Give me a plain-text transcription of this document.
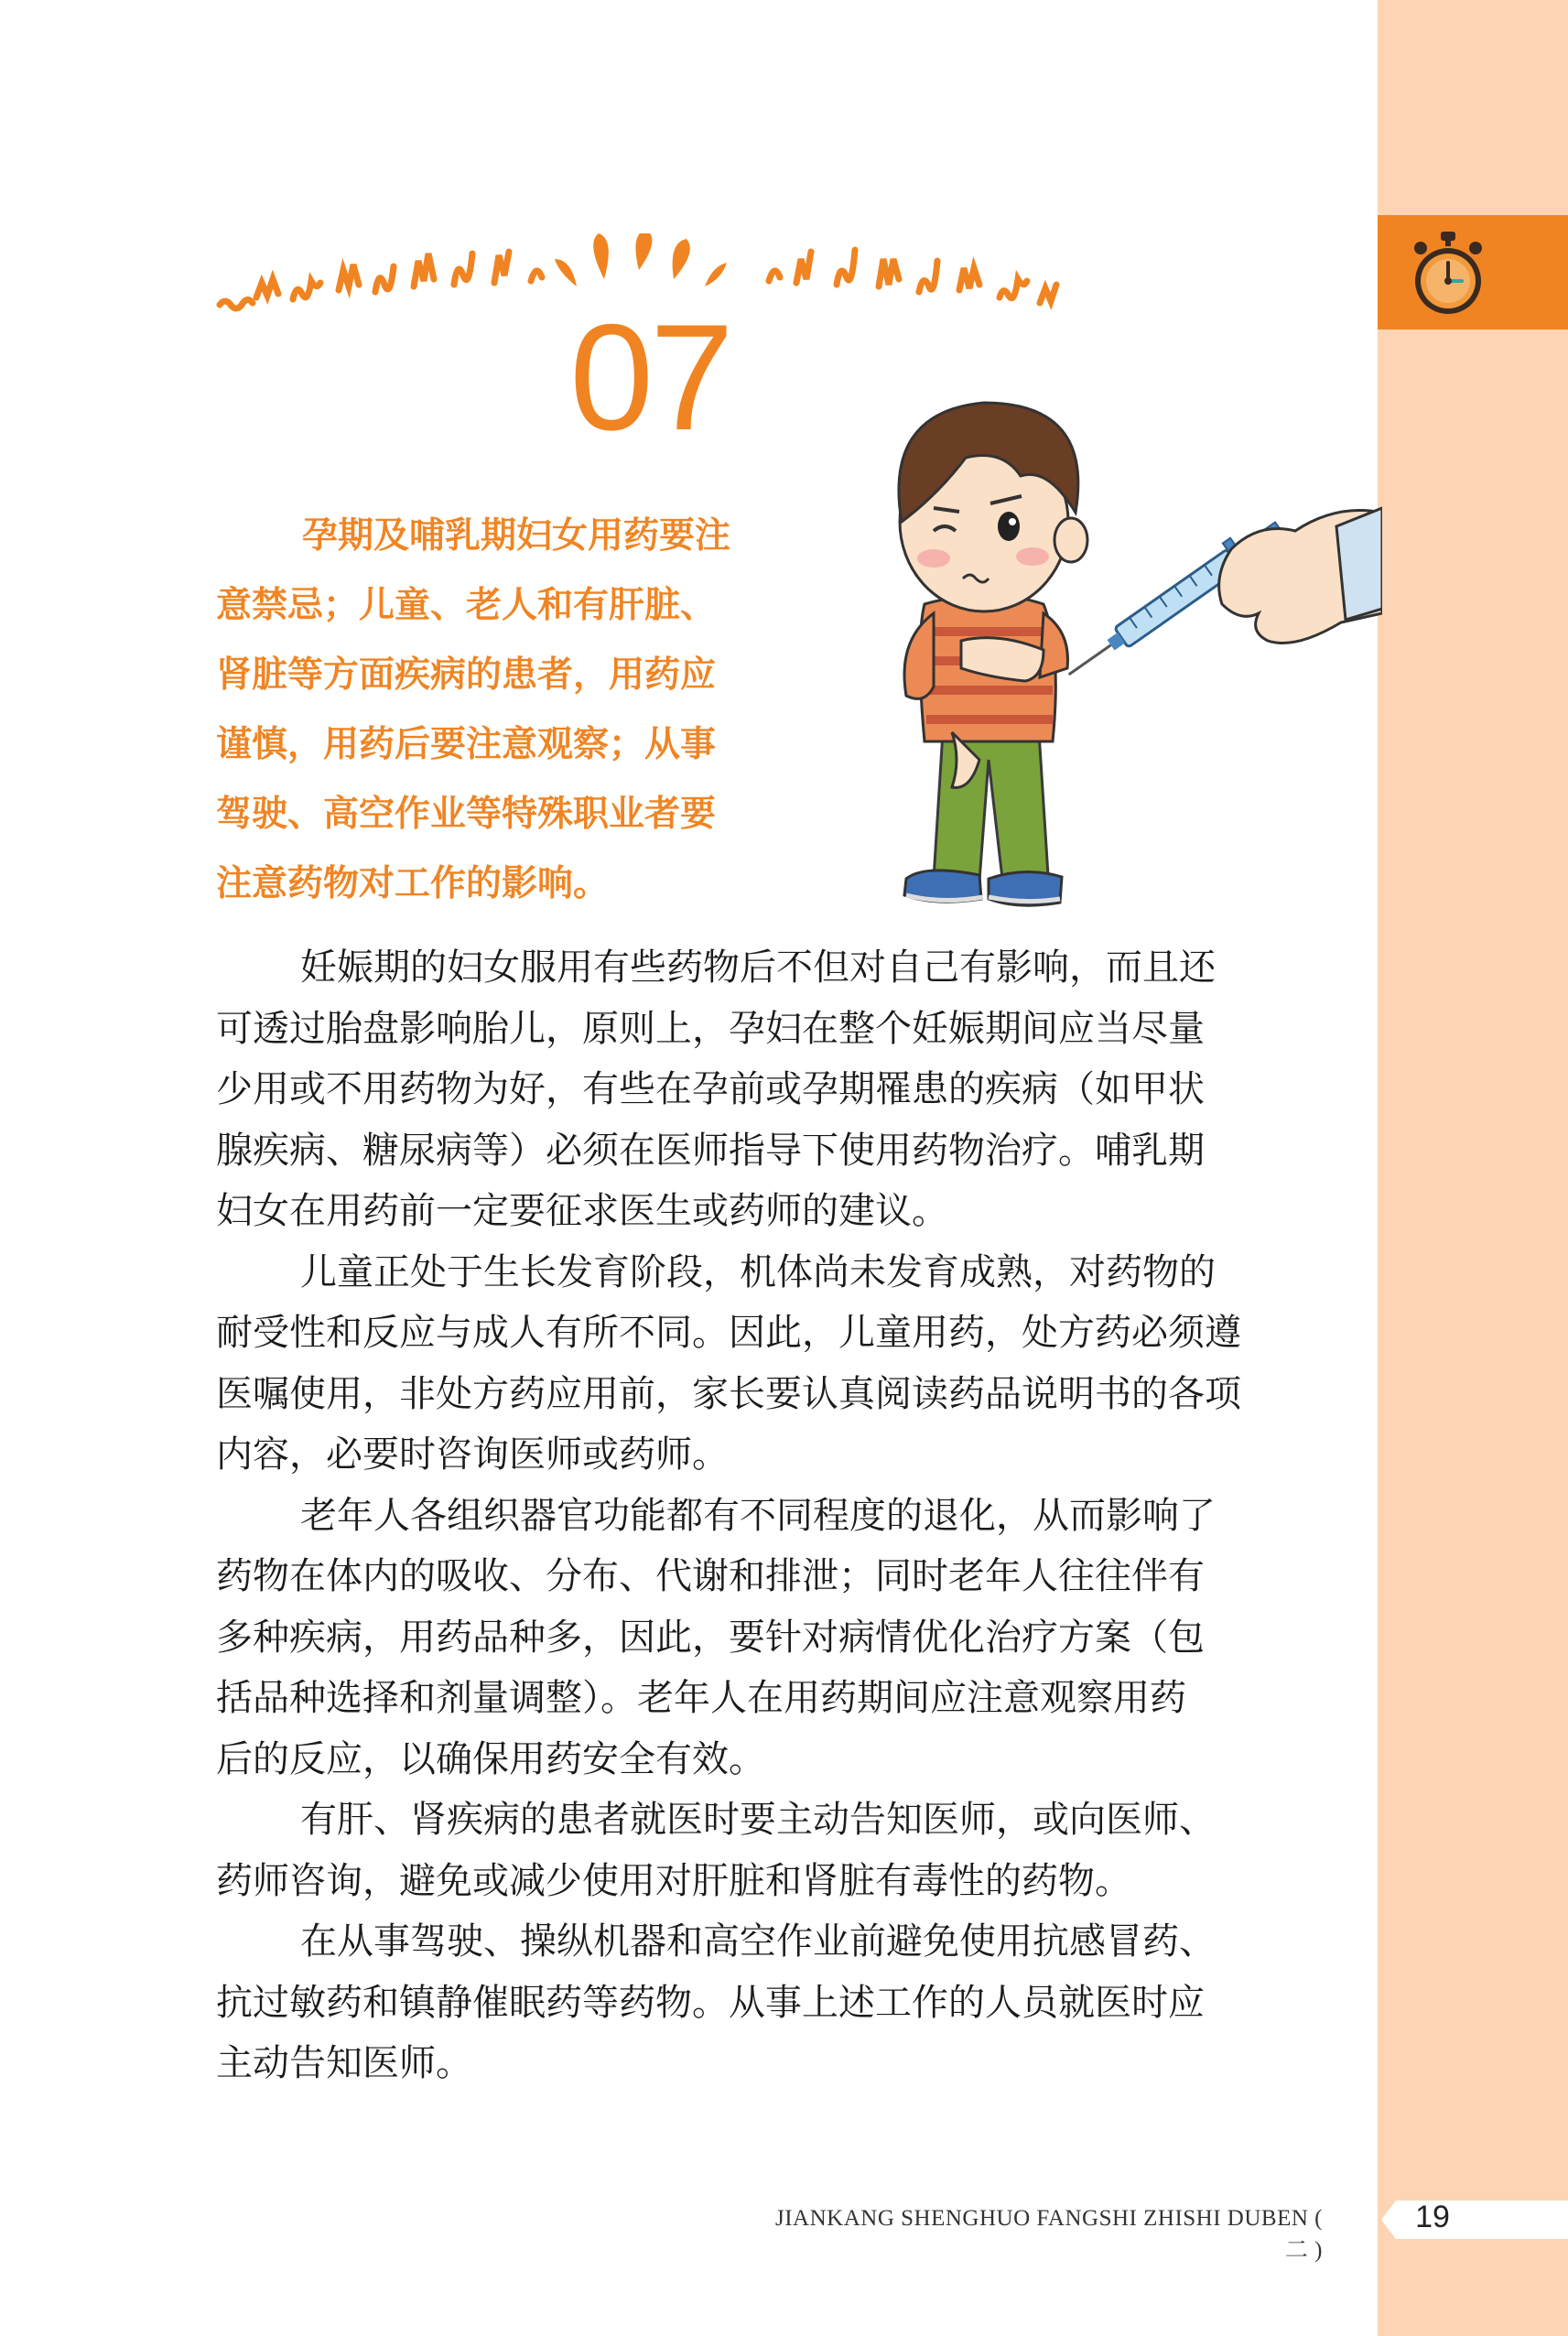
07
孕期及哺乳期妇女用药要注
意禁忌；儿童、老人和有肝脏、
肾脏等方面疾病的患者，用药应
谨慎，用药后要注意观察；从事
驾驶、高空作业等特殊职业者要
注意药物对工作的影响。
妊娠期的妇女服用有些药物后不但对自己有影响，而且还
可透过胎盘影响胎儿，原则上，孕妇在整个妊娠期间应当尽量
少用或不用药物为好，有些在孕前或孕期罹患的疾病（如甲状
腺疾病、糖尿病等）必须在医师指导下使用药物治疗。哺乳期
妇女在用药前一定要征求医生或药师的建议。
儿童正处于生长发育阶段，机体尚未发育成熟，对药物的
耐受性和反应与成人有所不同。因此，儿童用药，处方药必须遵
医嘱使用，非处方药应用前，家长要认真阅读药品说明书的各项
内容，必要时咨询医师或药师。
老年人各组织器官功能都有不同程度的退化，从而影响了
药物在体内的吸收、分布、代谢和排泄；同时老年人往往伴有
多种疾病，用药品种多，因此，要针对病情优化治疗方案（包
括品种选择和剂量调整）。老年人在用药期间应注意观察用药
后的反应，以确保用药安全有效。
有肝、肾疾病的患者就医时要主动告知医师，或向医师、
药师咨询，避免或减少使用对肝脏和肾脏有毒性的药物。
在从事驾驶、操纵机器和高空作业前避免使用抗感冒药、
抗过敏药和镇静催眠药等药物。从事上述工作的人员就医时应
主动告知医师。
JIANKANG SHENGHUO FANGSHI ZHISHI DUBEN ( 二 )
19
